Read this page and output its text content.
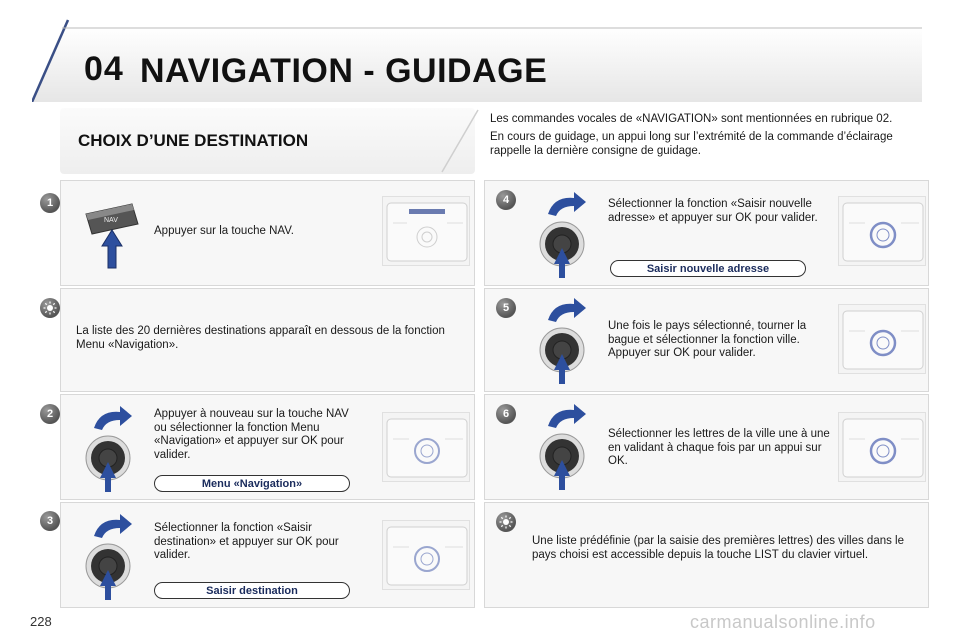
04 NAVIGATION - GUIDAGE
CHOIX D’UNE DESTINATION

Les commandes vocales de «NAVIGATION» sont mentionnées en rubrique 02.

En cours de guidage, un appui long sur l’extrémité de la commande d’éclairage rappelle la dernière consigne de guidage.

1
NAV
Appuyer sur la touche NAV.
La liste des 20 dernières destinations apparaît en dessous de la fonction Menu «Navigation».
2	Appuyer à nouveau sur la touche NAV ou sélectionner la fonction Menu «Navigation» et appuyer sur OK pour valider.
Menu «Navigation»
3
Sélectionner la fonction «Saisir destination» et appuyer sur OK pour valider.
Saisir destination
4	Sélectionner la fonction «Saisir nouvelle adresse» et appuyer sur OK pour valider.
Saisir nouvelle adresse
5
Une fois le pays sélectionné, tourner la bague et sélectionner la fonction ville. Appuyer sur OK pour valider.
6
Sélectionner les lettres de la ville une à une en validant à chaque fois par un appui sur OK.
Une liste prédéfinie (par la saisie des premières lettres) des villes dans le pays choisi est accessible depuis la touche LIST du clavier virtuel.
228	carmanualsonline.info
